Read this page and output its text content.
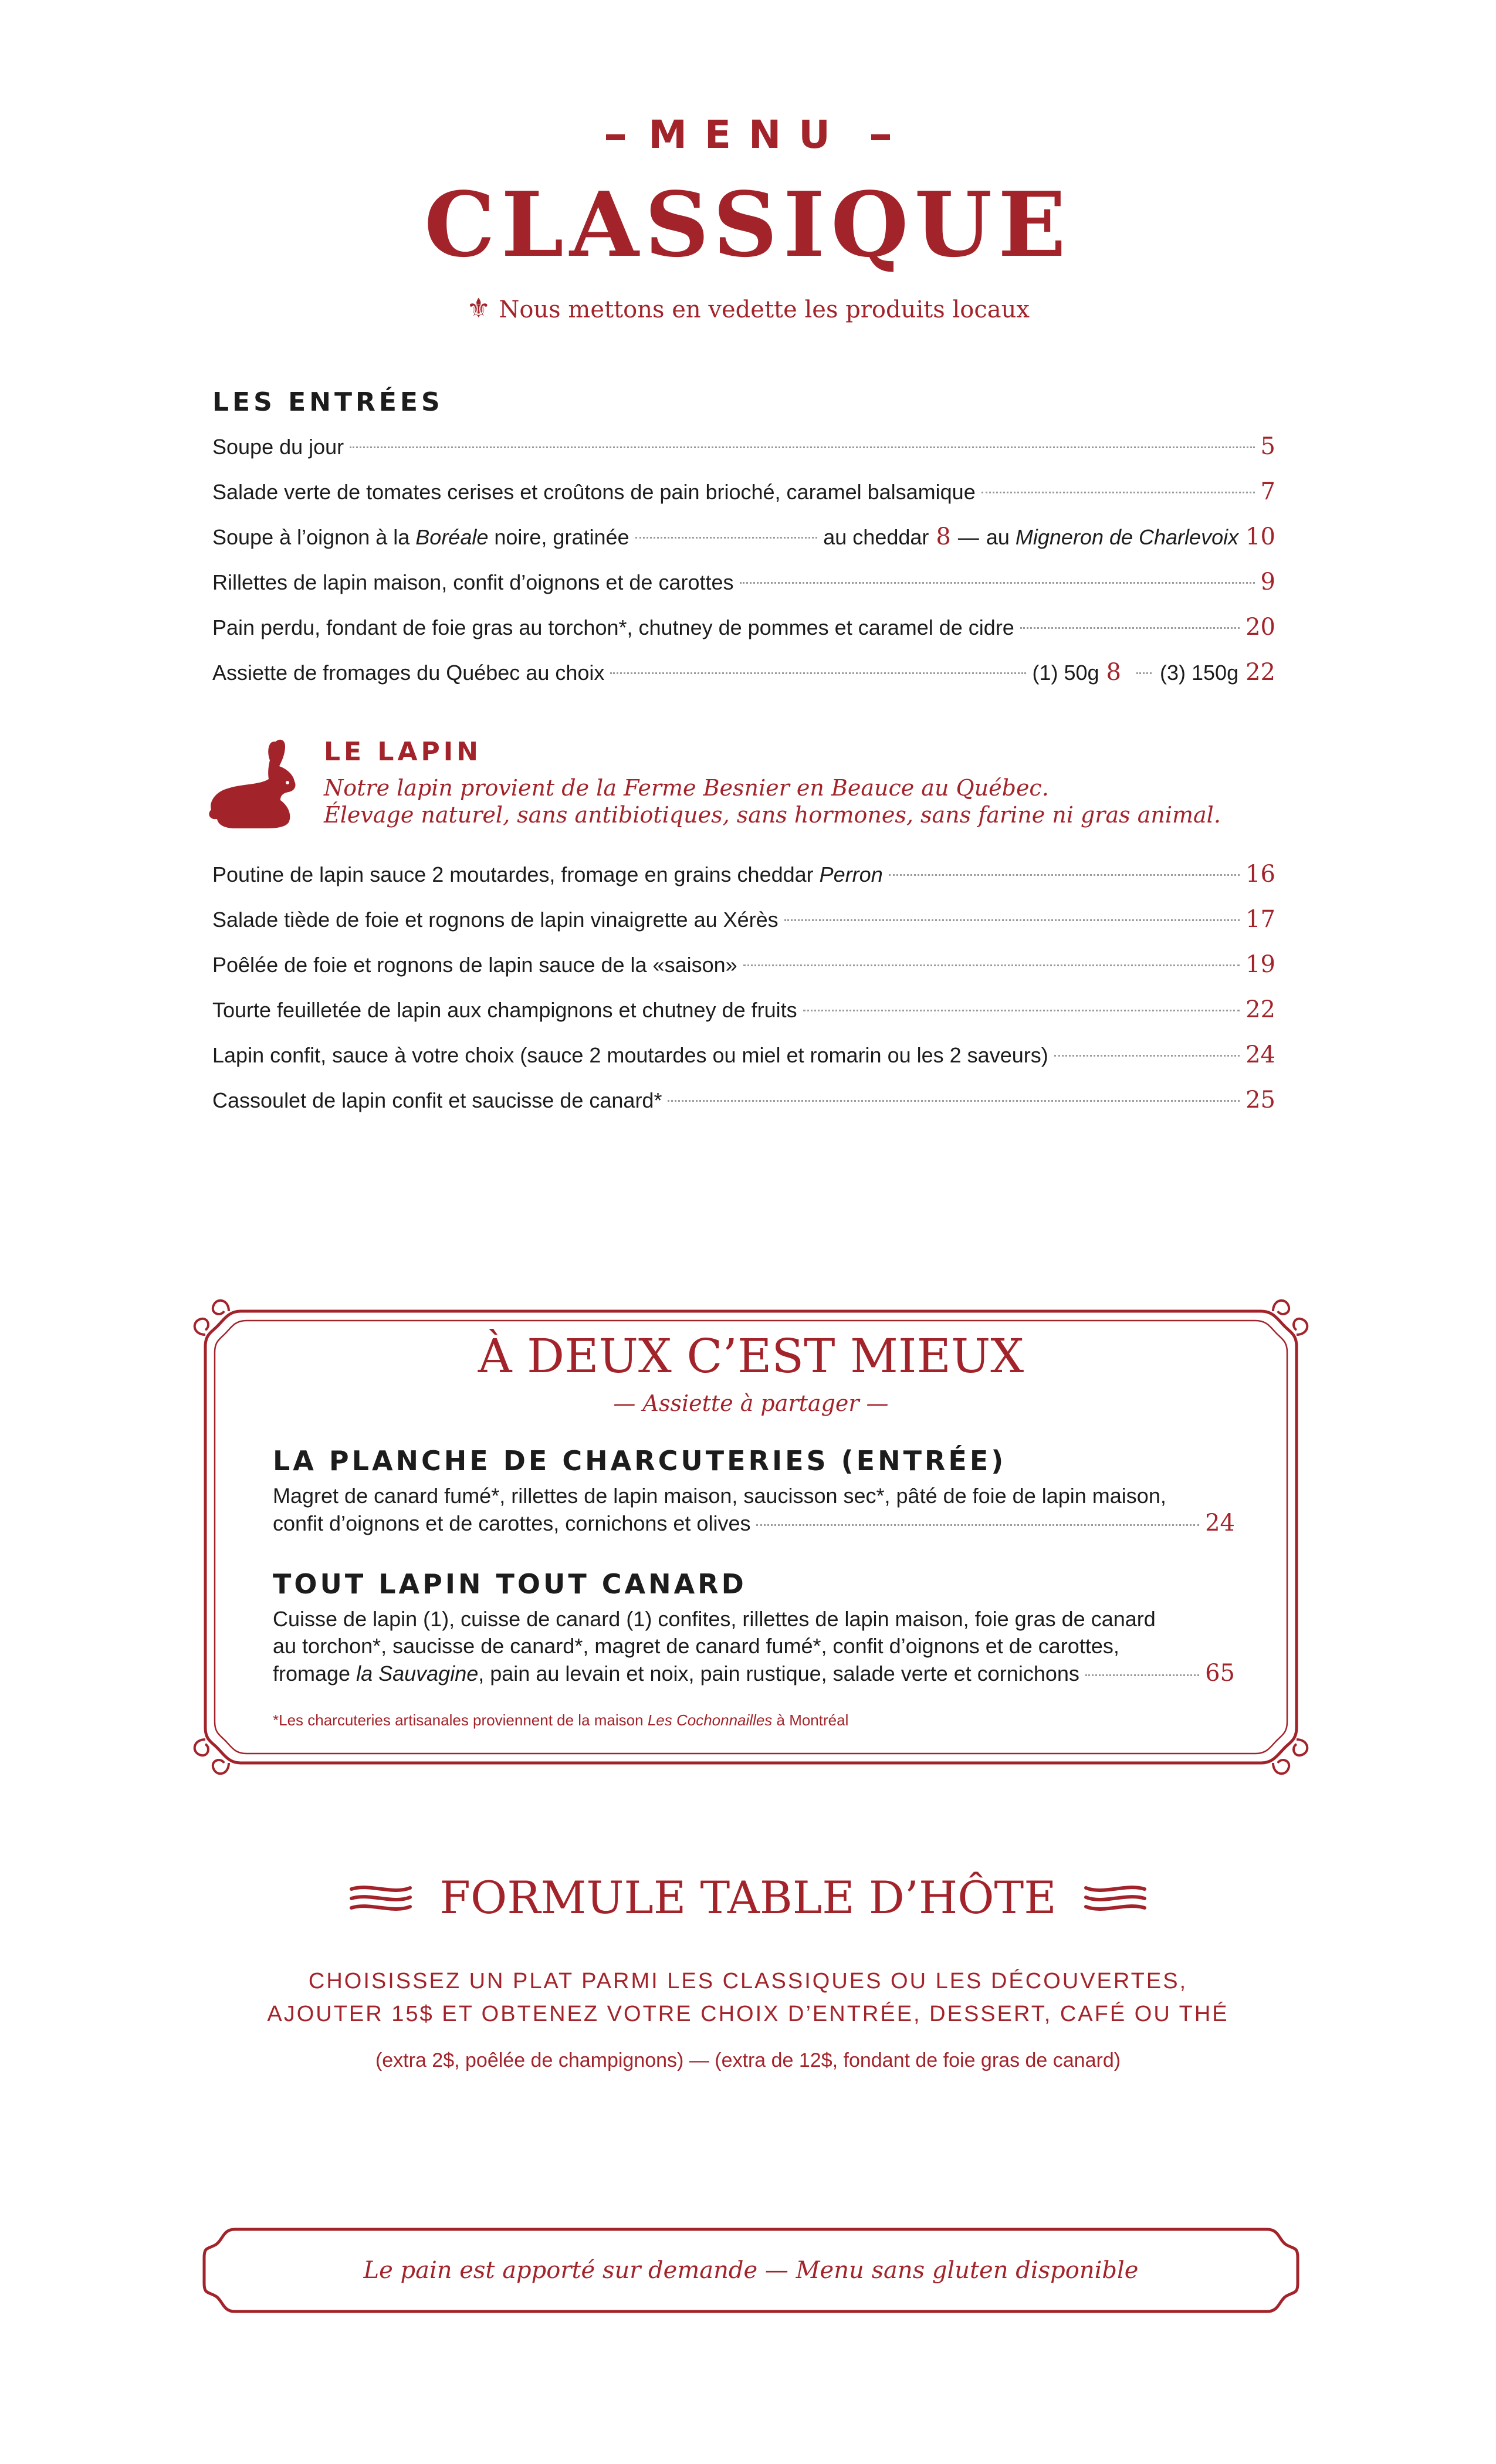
MENU
CLASSIQUE
⚜ Nous mettons en vedette les produits locaux
LES ENTRÉES
Soupe du jour	5
Salade verte de tomates cerises et croûtons de pain brioché, caramel balsamique	7
Soupe à l’oignon à la Boréale noire, gratinée	au cheddar 8 — au Migneron de Charlevoix 10
Rillettes de lapin maison, confit d’oignons et de carottes	9
Pain perdu, fondant de foie gras au torchon*, chutney de pommes et caramel de cidre	20
Assiette de fromages du Québec au choix	(1) 50g 8 (3) 150g 22
LE LAPIN
Notre lapin provient de la Ferme Besnier en Beauce au Québec.
Élevage naturel, sans antibiotiques, sans hormones, sans farine ni gras animal.
Poutine de lapin sauce 2 moutardes, fromage en grains cheddar Perron	16
Salade tiède de foie et rognons de lapin vinaigrette au Xérès	17
Poêlée de foie et rognons de lapin sauce de la «saison»	19
Tourte feuilletée de lapin aux champignons et chutney de fruits	22
Lapin confit, sauce à votre choix (sauce 2 moutardes ou miel et romarin ou les 2 saveurs)	24
Cassoulet de lapin confit et saucisse de canard*	25
À DEUX C’EST MIEUX
— Assiette à partager —
LA PLANCHE DE CHARCUTERIES (ENTRÉE)
Magret de canard fumé*, rillettes de lapin maison, saucisson sec*, pâté de foie de lapin maison,
confit d’oignons et de carottes, cornichons et olives	24
TOUT LAPIN TOUT CANARD
Cuisse de lapin (1), cuisse de canard (1) confites, rillettes de lapin maison, foie gras de canard
au torchon*, saucisse de canard*, magret de canard fumé*, confit d’oignons et de carottes,
fromage la Sauvagine, pain au levain et noix, pain rustique, salade verte et cornichons	65
*Les charcuteries artisanales proviennent de la maison Les Cochonnailles à Montréal
FORMULE TABLE D’HÔTE
CHOISISSEZ UN PLAT PARMI LES CLASSIQUES OU LES DÉCOUVERTES,
AJOUTER 15$ ET OBTENEZ VOTRE CHOIX D’ENTRÉE, DESSERT, CAFÉ OU THÉ
(extra 2$, poêlée de champignons) — (extra de 12$, fondant de foie gras de canard)
Le pain est apporté sur demande — Menu sans gluten disponible
